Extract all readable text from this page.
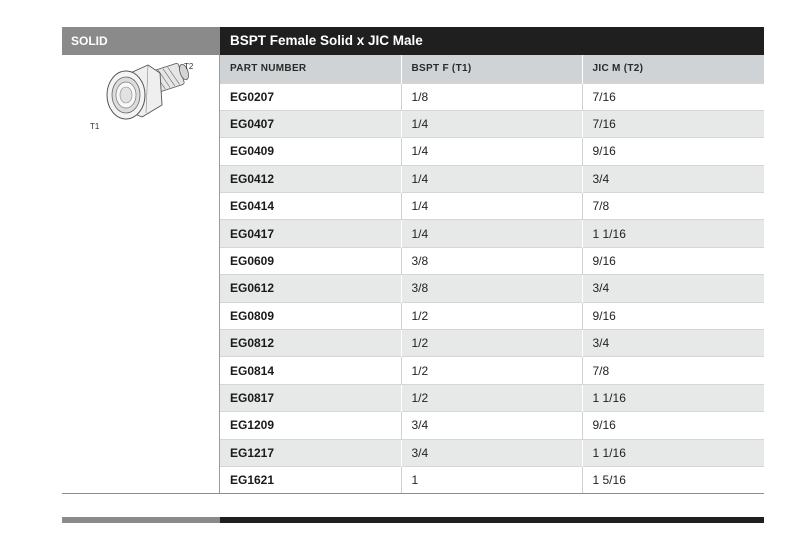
SOLID
T2
T1
BSPT Female Solid x JIC Male
PART NUMBER	BSPT F (T1)	JIC M (T2)
EG0207	1/8	7/16
EG0407	1/4	7/16
EG0409	1/4	9/16
EG0412	1/4	3/4
EG0414	1/4	7/8
EG0417	1/4	1 1/16
EG0609	3/8	9/16
EG0612	3/8	3/4
EG0809	1/2	9/16
EG0812	1/2	3/4
EG0814	1/2	7/8
EG0817	1/2	1 1/16
EG1209	3/4	9/16
EG1217	3/4	1 1/16
EG1621	1	1 5/16
